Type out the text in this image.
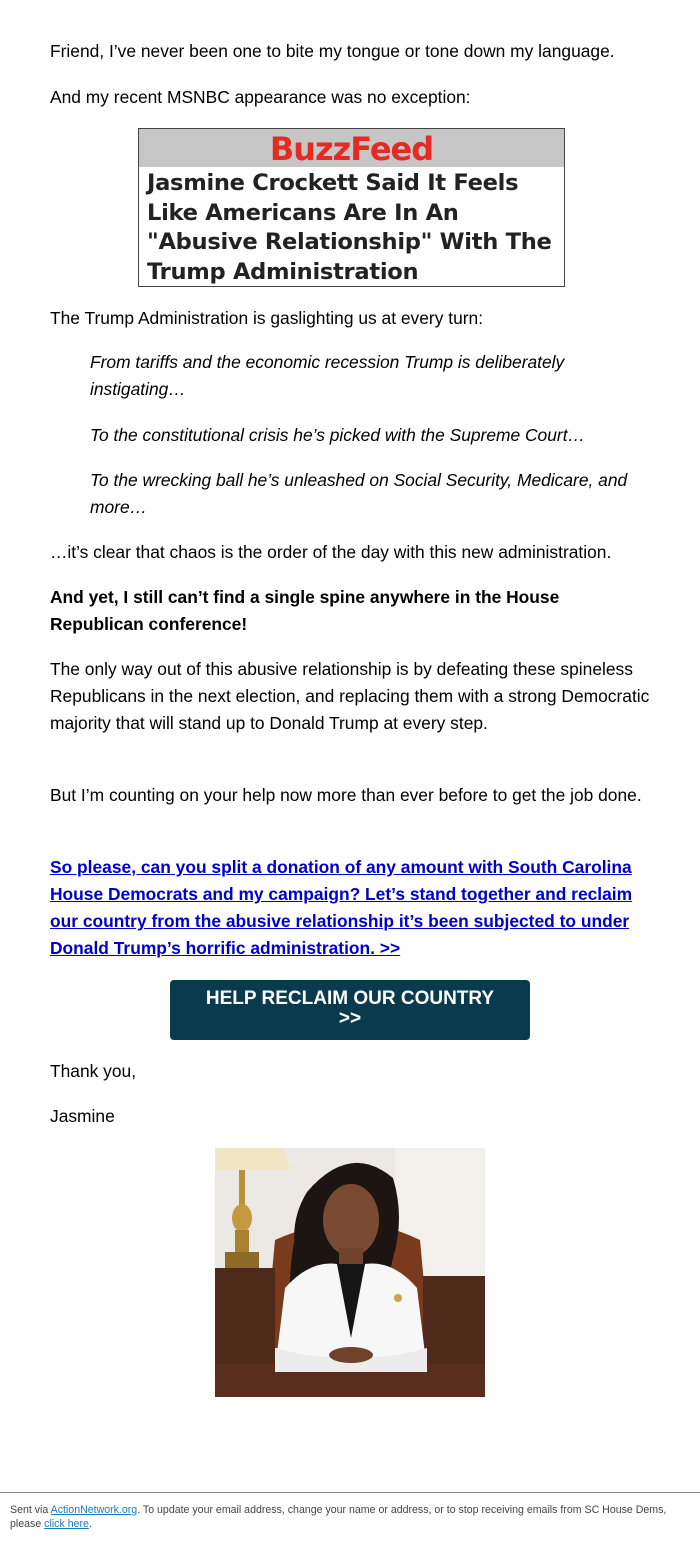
Friend, I’ve never been one to bite my tongue or tone down my language.

And my recent MSNBC appearance was no exception:

BuzzFeed
Jasmine Crockett Said It Feels Like Americans Are In An "Abusive Relationship" With The Trump Administration

The Trump Administration is gaslighting us at every turn:

From tariffs and the economic recession Trump is deliberately instigating…

To the constitutional crisis he’s picked with the Supreme Court…

To the wrecking ball he’s unleashed on Social Security, Medicare, and more…

…it’s clear that chaos is the order of the day with this new administration.

And yet, I still can’t find a single spine anywhere in the House Republican conference!

The only way out of this abusive relationship is by defeating these spineless Republicans in the next election, and replacing them with a strong Democratic majority that will stand up to Donald Trump at every step.

But I’m counting on your help now more than ever before to get the job done.

So please, can you split a donation of any amount with South Carolina House Democrats and my campaign? Let’s stand together and reclaim our country from the abusive relationship it’s been subjected to under Donald Trump’s horrific administration. >>

HELP RECLAIM OUR COUNTRY
>>

Thank you,

Jasmine

Sent via ActionNetwork.org. To update your email address, change your name or address, or to stop receiving emails from SC House Dems, please click here.
